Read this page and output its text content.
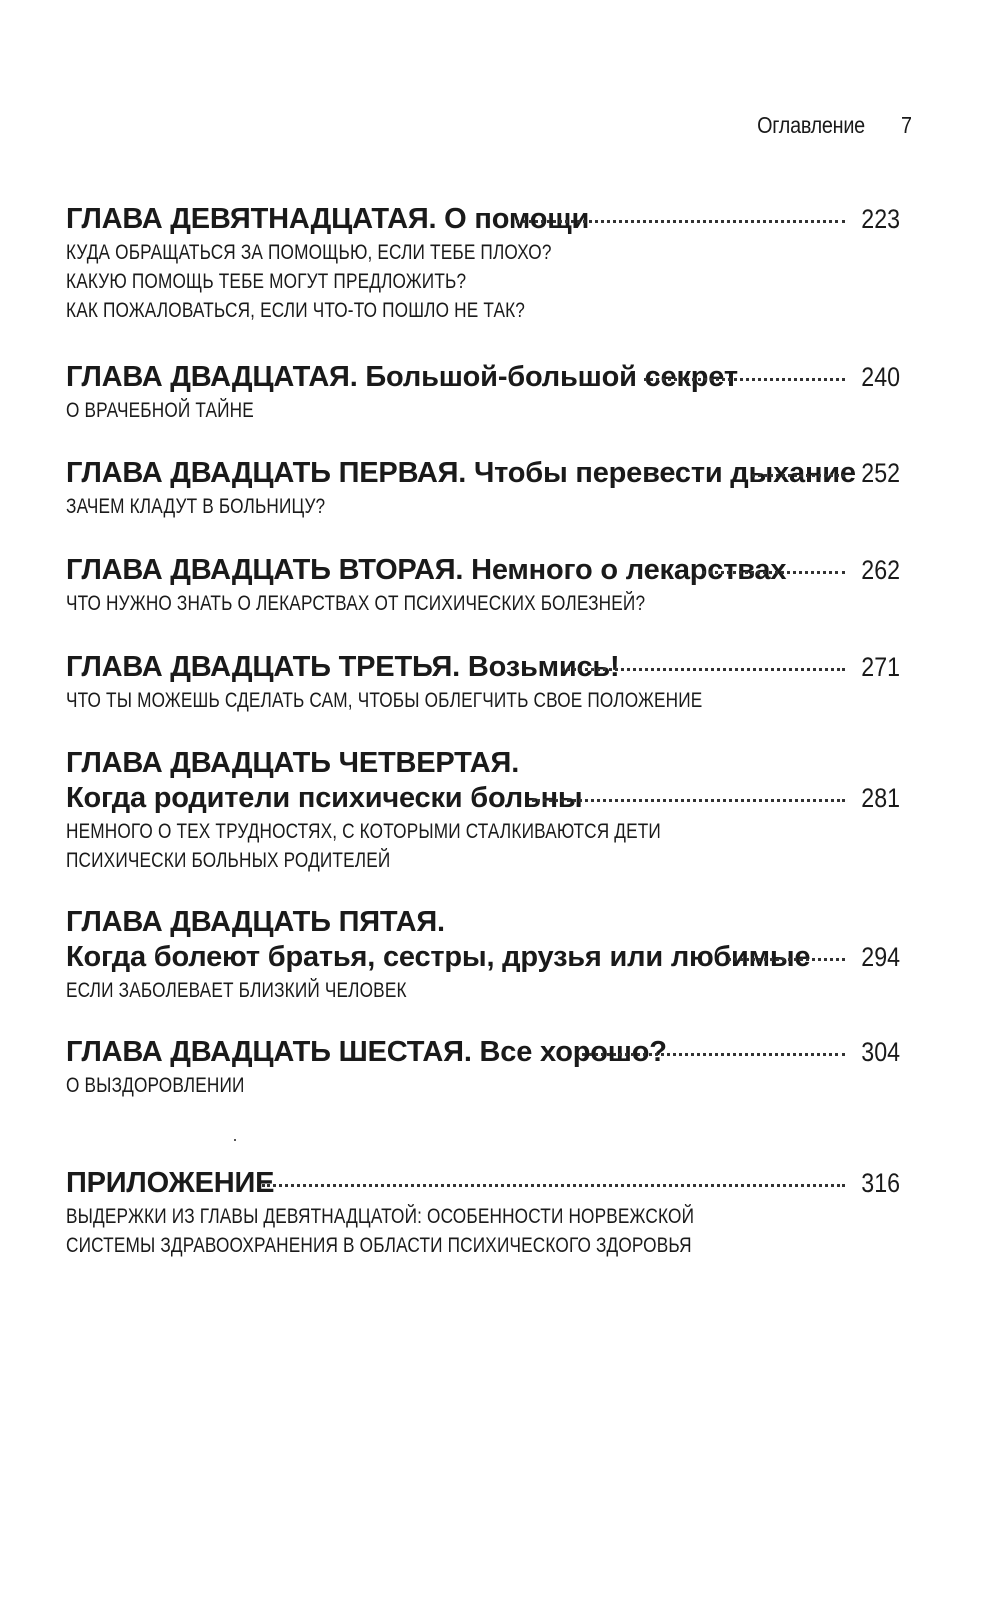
Оглавление 7
ГЛАВА ДЕВЯТНАДЦАТАЯ. О помощи	223
КУДА ОБРАЩАТЬСЯ ЗА ПОМОЩЬЮ, ЕСЛИ ТЕБЕ ПЛОХО?
КАКУЮ ПОМОЩЬ ТЕБЕ МОГУТ ПРЕДЛОЖИТЬ?
КАК ПОЖАЛОВАТЬСЯ, ЕСЛИ ЧТО-ТО ПОШЛО НЕ ТАК?
ГЛАВА ДВАДЦАТАЯ. Большой-большой секрет	240
О ВРАЧЕБНОЙ ТАЙНЕ
ГЛАВА ДВАДЦАТЬ ПЕРВАЯ. Чтобы перевести дыхание 252
ЗАЧЕМ КЛАДУТ В БОЛЬНИЦУ?
ГЛАВА ДВАДЦАТЬ ВТОРАЯ. Немного о лекарствах	262
ЧТО НУЖНО ЗНАТЬ О ЛЕКАРСТВАХ ОТ ПСИХИЧЕСКИХ БОЛЕЗНЕЙ?
ГЛАВА ДВАДЦАТЬ ТРЕТЬЯ. Возьмись!	271
ЧТО ТЫ МОЖЕШЬ СДЕЛАТЬ САМ, ЧТОБЫ ОБЛЕГЧИТЬ СВОЕ ПОЛОЖЕНИЕ
ГЛАВА ДВАДЦАТЬ ЧЕТВЕРТАЯ.
Когда родители психически больны	281
НЕМНОГО О ТЕХ ТРУДНОСТЯХ, С КОТОРЫМИ СТАЛКИВАЮТСЯ ДЕТИ
ПСИХИЧЕСКИ БОЛЬНЫХ РОДИТЕЛЕЙ
ГЛАВА ДВАДЦАТЬ ПЯТАЯ.
Когда болеют братья, сестры, друзья или любимые 294
ЕСЛИ ЗАБОЛЕВАЕТ БЛИЗКИЙ ЧЕЛОВЕК
ГЛАВА ДВАДЦАТЬ ШЕСТАЯ. Все хорошо?	304
О ВЫЗДОРОВЛЕНИИ
ПРИЛОЖЕНИЕ	316
ВЫДЕРЖКИ ИЗ ГЛАВЫ ДЕВЯТНАДЦАТОЙ: ОСОБЕННОСТИ НОРВЕЖСКОЙ
СИСТЕМЫ ЗДРАВООХРАНЕНИЯ В ОБЛАСТИ ПСИХИЧЕСКОГО ЗДОРОВЬЯ
